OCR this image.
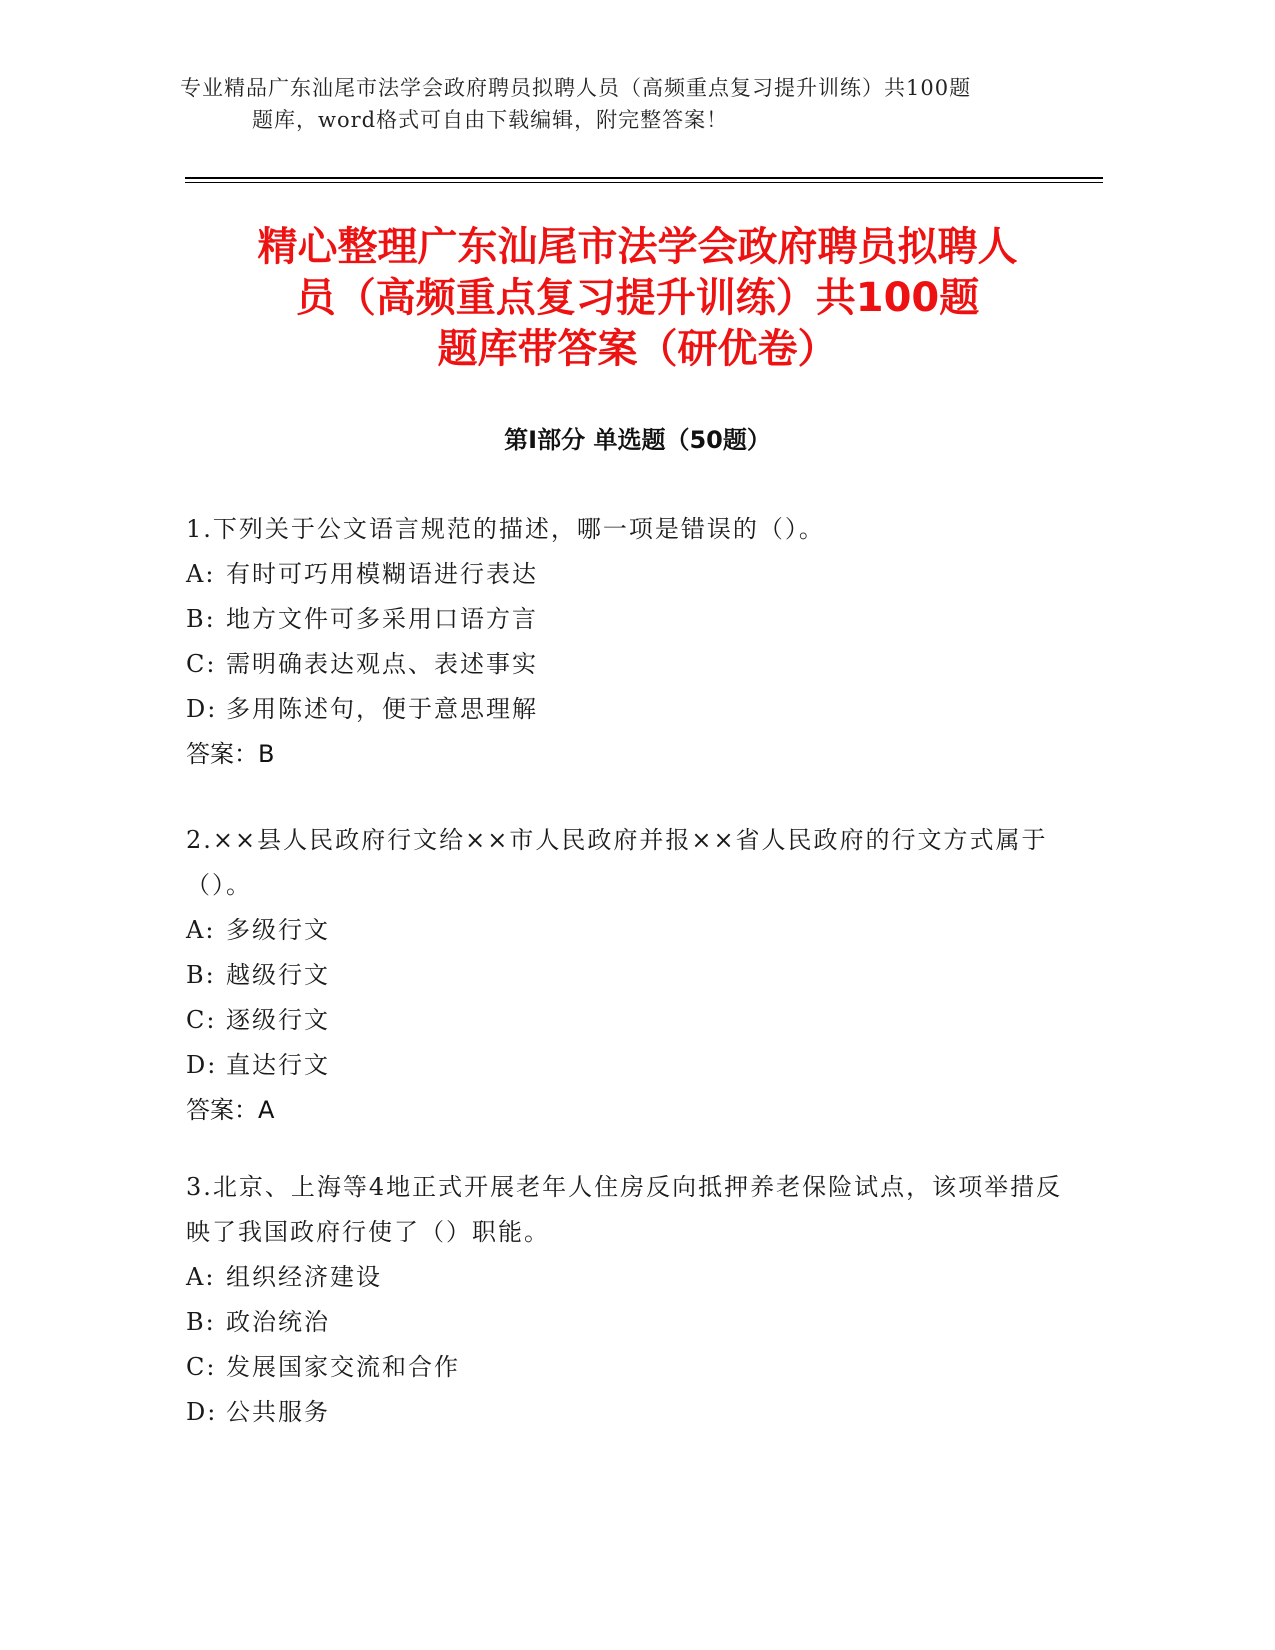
专业精品广东汕尾市法学会政府聘员拟聘人员（高频重点复习提升训练）共100题
题库，word格式可自由下载编辑，附完整答案！
精心整理广东汕尾市法学会政府聘员拟聘人
员（高频重点复习提升训练）共100题
题库带答案（研优卷）
第Ⅰ部分 单选题（50题）

1.下列关于公文语言规范的描述，哪一项是错误的（）。

A: 有时可巧用模糊语进行表达

B: 地方文件可多采用口语方言

C: 需明确表达观点、表述事实

D: 多用陈述句，便于意思理解

答案：B

2.××县人民政府行文给××市人民政府并报××省人民政府的行文方式属于（）。

A: 多级行文

B: 越级行文

C: 逐级行文

D: 直达行文

答案：A

3.北京、上海等4地正式开展老年人住房反向抵押养老保险试点，该项举措反映了我国政府行使了（）职能。

A: 组织经济建设

B: 政治统治

C: 发展国家交流和合作

D: 公共服务
